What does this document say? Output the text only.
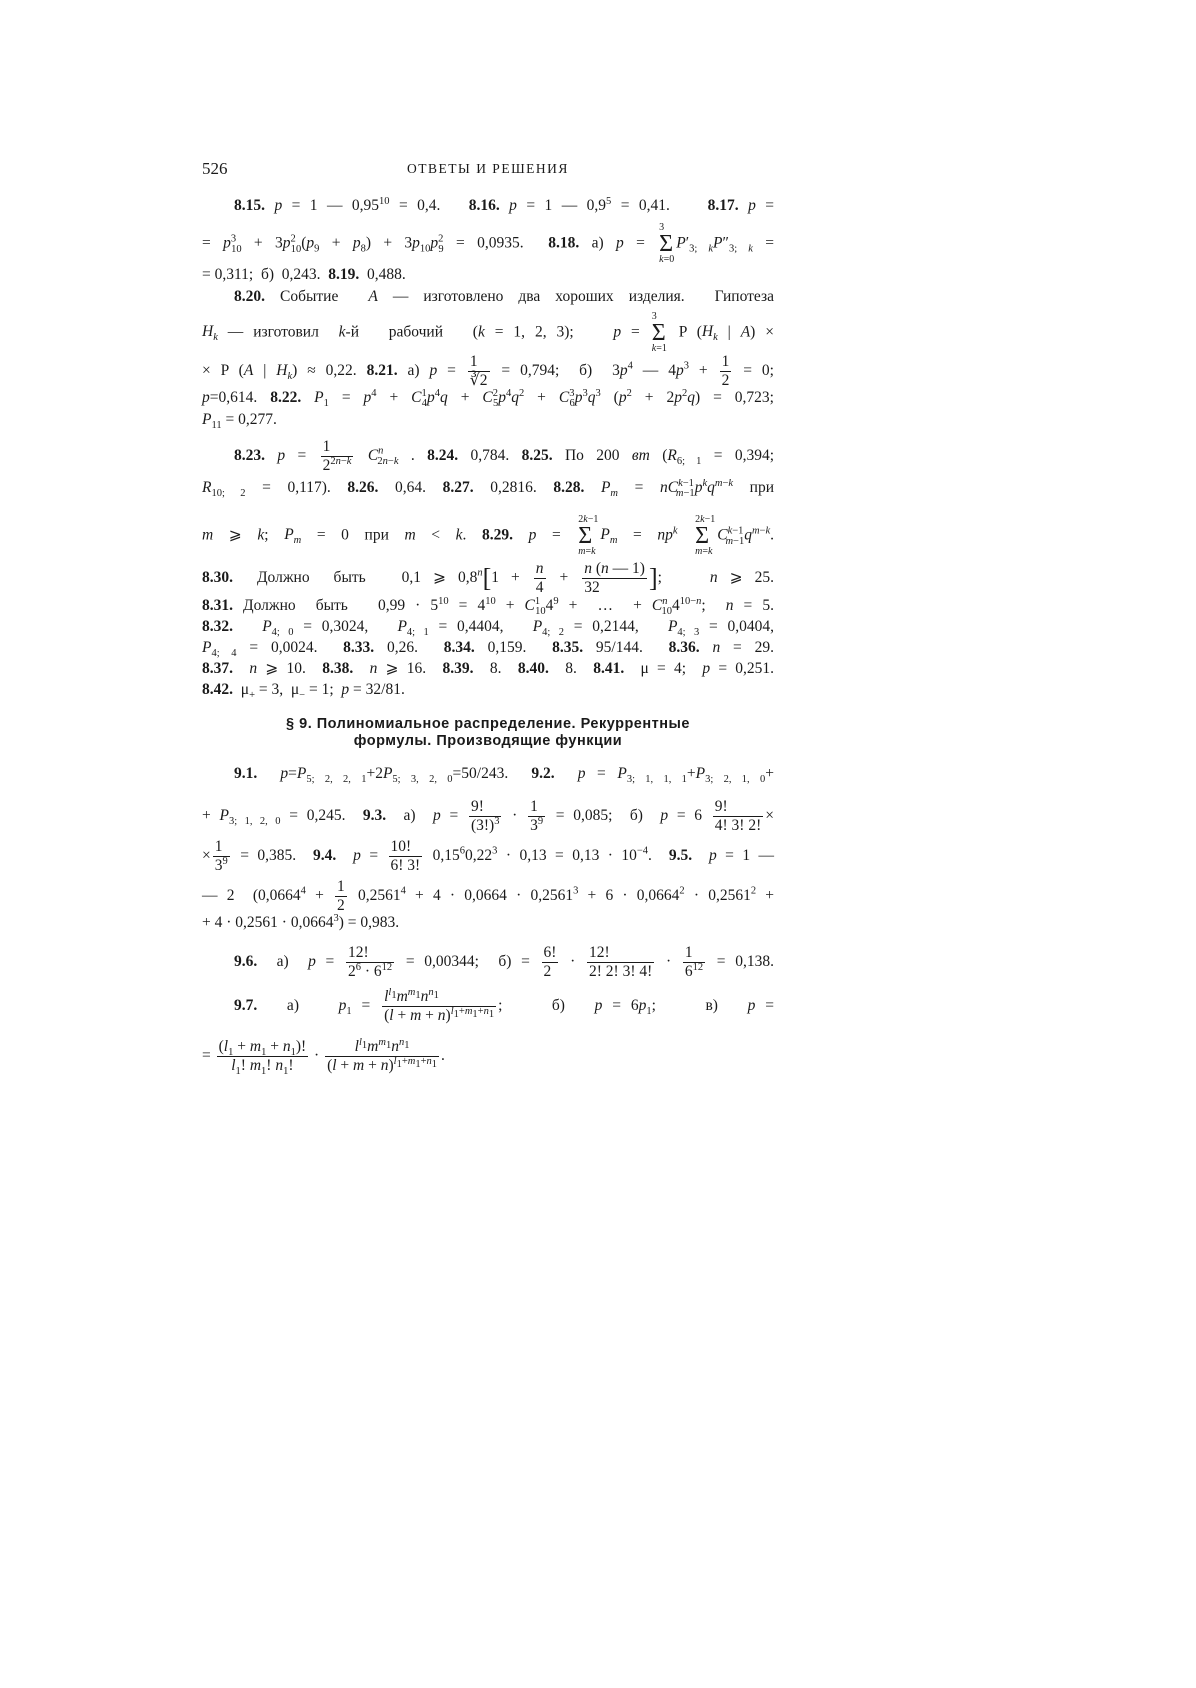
526	ОТВЕТЫ И РЕШЕНИЯ
8.15. p = 1 — $0,95^{10} = 0,4$.   8.16. p = 1 — $0,9^5 = 0,41$.    8.17. p =
= $p^3_{10} + 3p^2_{10}(p_9 + p_8) + 3p_{10}p^2_9 = 0,0935$.  8.18. а) p =
3
Σ
k=0
$P'_{3; k}P''_{3; k}$ =
= 0,311;  б)  0,243.  8.19.  0,488.
8.20. Событие  A — изготовлено два хороших изделия.  Гипотеза
$H_k$ — изготовил  k-й   рабочий   (k = 1, 2, 3);    p =
3
Σ
k=1
P ($H_k$ | A) ×
× P (A | $H_k) \approx 0,22$. 8.21. а) $p = \frac{1}{∛2} = 0,794$;  б)  $3p^4$ — $4p^3 + \frac{1}{2} = 0$;
p=0,614. 8.22. $P_1 = p^4 + C^1_4p^4q + C^2_5p^4q^2 + C^3_6p^3q^3$ $(p^2 + 2p^2q) = 0,723$;
$P_{11} = 0,277$.
8.23. $p = \frac{1}{2^{2n-k}} C^n_{2n-k}$ . 8.24. 0,784. 8.25. По 200 вт ($R_{6; 1} = 0,394$;
$R_{10; 2} = 0,117$). 8.26. 0,64. 8.27. 0,2816. 8.28. $P_m = nC^{k-1}_{m-1}p^kq^{m-k}$ при
m ⩾ k; $P_m = 0$ при m < k. 8.29. p =
2k−1
Σ
m=k
$P_m = np^k$
2k−1
Σ
m=k
$C^{k-1}_{m-1}q^{m-k}$.
8.30.  Должно  быть   0,1 ⩾ $0,8^n[1 + \frac{n}{4} + \frac{n (n — 1)}{32}$ ];    n ⩾ 25.
8.31. Должно  быть   $0,99 \cdot 5^{10} = 4^{10} + C^1_{10}4^9$ +  …  + $C^n_{10}4^{10-n}$;  n = 5.
8.32. $P_{4; 0} = 0,3024$,   $P_{4; 1} = 0,4404$,   $P_{4; 2} = 0,2144$,   $P_{4; 3} = 0,0404$,
$P_{4; 4} = 0,0024$.  8.33. 0,26.  8.34. 0,159.  8.35. 95/144.  8.36. n = 29.
8.37. n ⩾ 10.  8.38. n ⩾ 16.  8.39.  8.  8.40.  8.  8.41.  μ = 4;  p = 0,251.
8.42.  $\mu_+ = 3$,  $\mu_- = 1$;  p = 32/81.
§ 9. Полиномиальное распределение. Рекуррентные
формулы. Производящие функции
9.1. $p=P_{5; 2, 2, 1}+2P_{5; 3, 2, 0}=50/243$.  9.2. $p = P_{3; 1, 1, 1}+P_{3; 2, 1, 0}+$
+ $P_{3; 1, 2, 0} = 0,245$.  9.3.  а)  $p = \frac{9!}{(3!)^3} \cdot \frac{1}{3^9} = 0,085$;  б)  $p = 6 \frac{9!}{4! 3! 2!}$ ×
× $\frac{1}{3^9} = 0,385$.  9.4. $p = \frac{10!}{6! 3!} 0,15^60,22^3 \cdot 0,13 = 0,13 \cdot 10^{-4}$.  9.5. p = 1 —
— 2  ($0,0664^4 + \frac{1}{2} 0,2561^4 + 4 \cdot 0,0664 \cdot 0,2561^3 + 6 \cdot 0,0664^2 \cdot 0,2561^2$ +
+ $4 \cdot 0,2561 \cdot 0,0664^3) = 0,983$.
9.6.  а)  $p = \frac{12!}{2^6 \cdot 6^{12}} = 0,00344$;  $б) = \frac{6!}{2} \cdot \frac{12!}{2! 2! 3! 4!} \cdot \frac{1}{6^{12}} = 0,138$.
9.7.   а)    $p_1 = \frac{l^{l_1}m^{m_1}n^{n_1}}{(l + m + n)^{l_1+m_1+n_1}}$ ;     б)   $p = 6p_1$;     в)   p =
= $\frac{(l_1 + m_1 + n_1)!}{l_1! m_1! n_1!} \cdot \frac{l^{l_1}m^{m_1}n^{n_1}}{(l + m + n)^{l_1+m_1+n_1}}$ .
